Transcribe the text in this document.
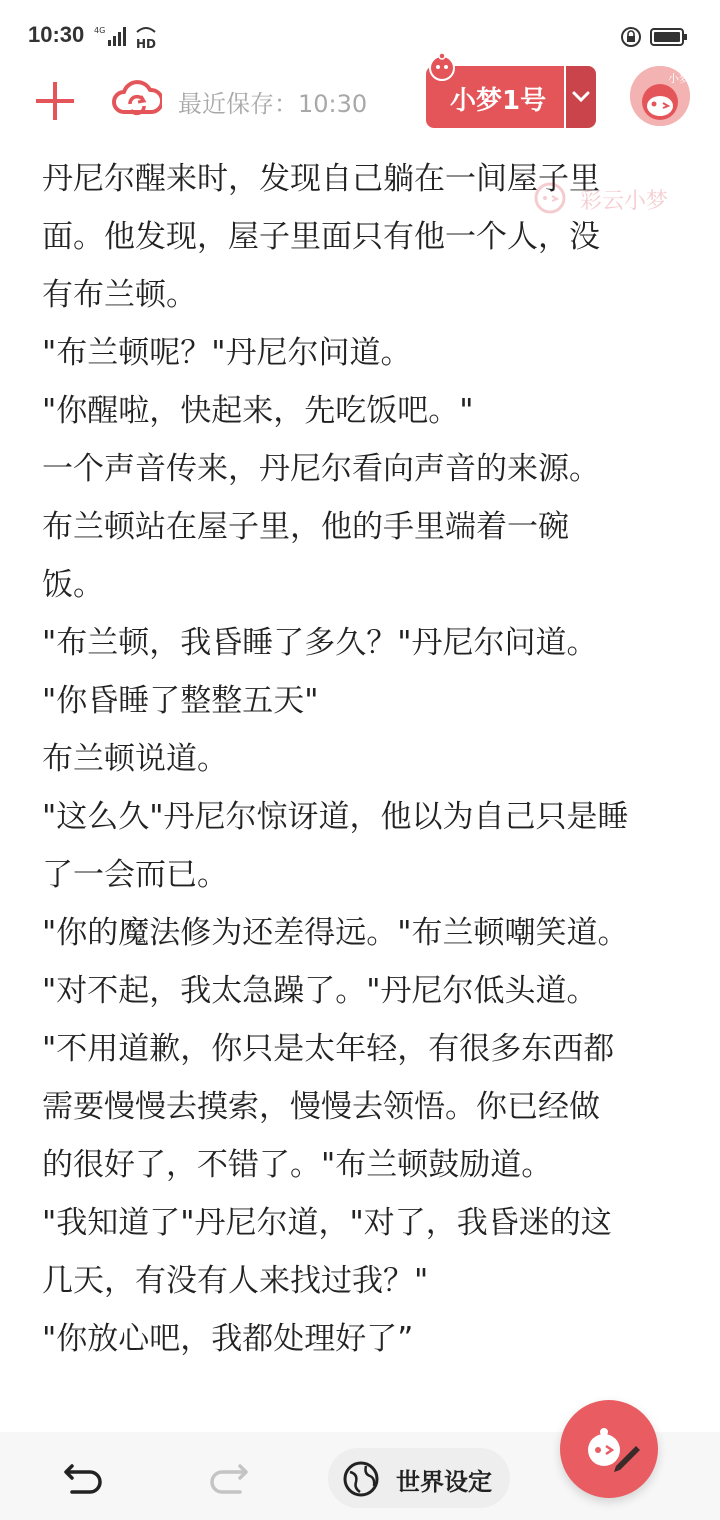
10:30 4G
HD
最近保存：10:30	小梦1号
小梦
彩云小梦
丹尼尔醒来时，发现自己躺在一间屋子里
面。他发现，屋子里面只有他一个人，没
有布兰顿。
"布兰顿呢？"丹尼尔问道。
"你醒啦，快起来，先吃饭吧。"
一个声音传来，丹尼尔看向声音的来源。
布兰顿站在屋子里，他的手里端着一碗
饭。
"布兰顿，我昏睡了多久？"丹尼尔问道。
"你昏睡了整整五天"
布兰顿说道。
"这么久"丹尼尔惊讶道，他以为自己只是睡
了一会而已。
"你的魔法修为还差得远。"布兰顿嘲笑道。
"对不起，我太急躁了。"丹尼尔低头道。
"不用道歉，你只是太年轻，有很多东西都
需要慢慢去摸索，慢慢去领悟。你已经做
的很好了，不错了。"布兰顿鼓励道。
"我知道了"丹尼尔道，"对了，我昏迷的这
几天，有没有人来找过我？"
"你放心吧，我都处理好了”
世界设定
